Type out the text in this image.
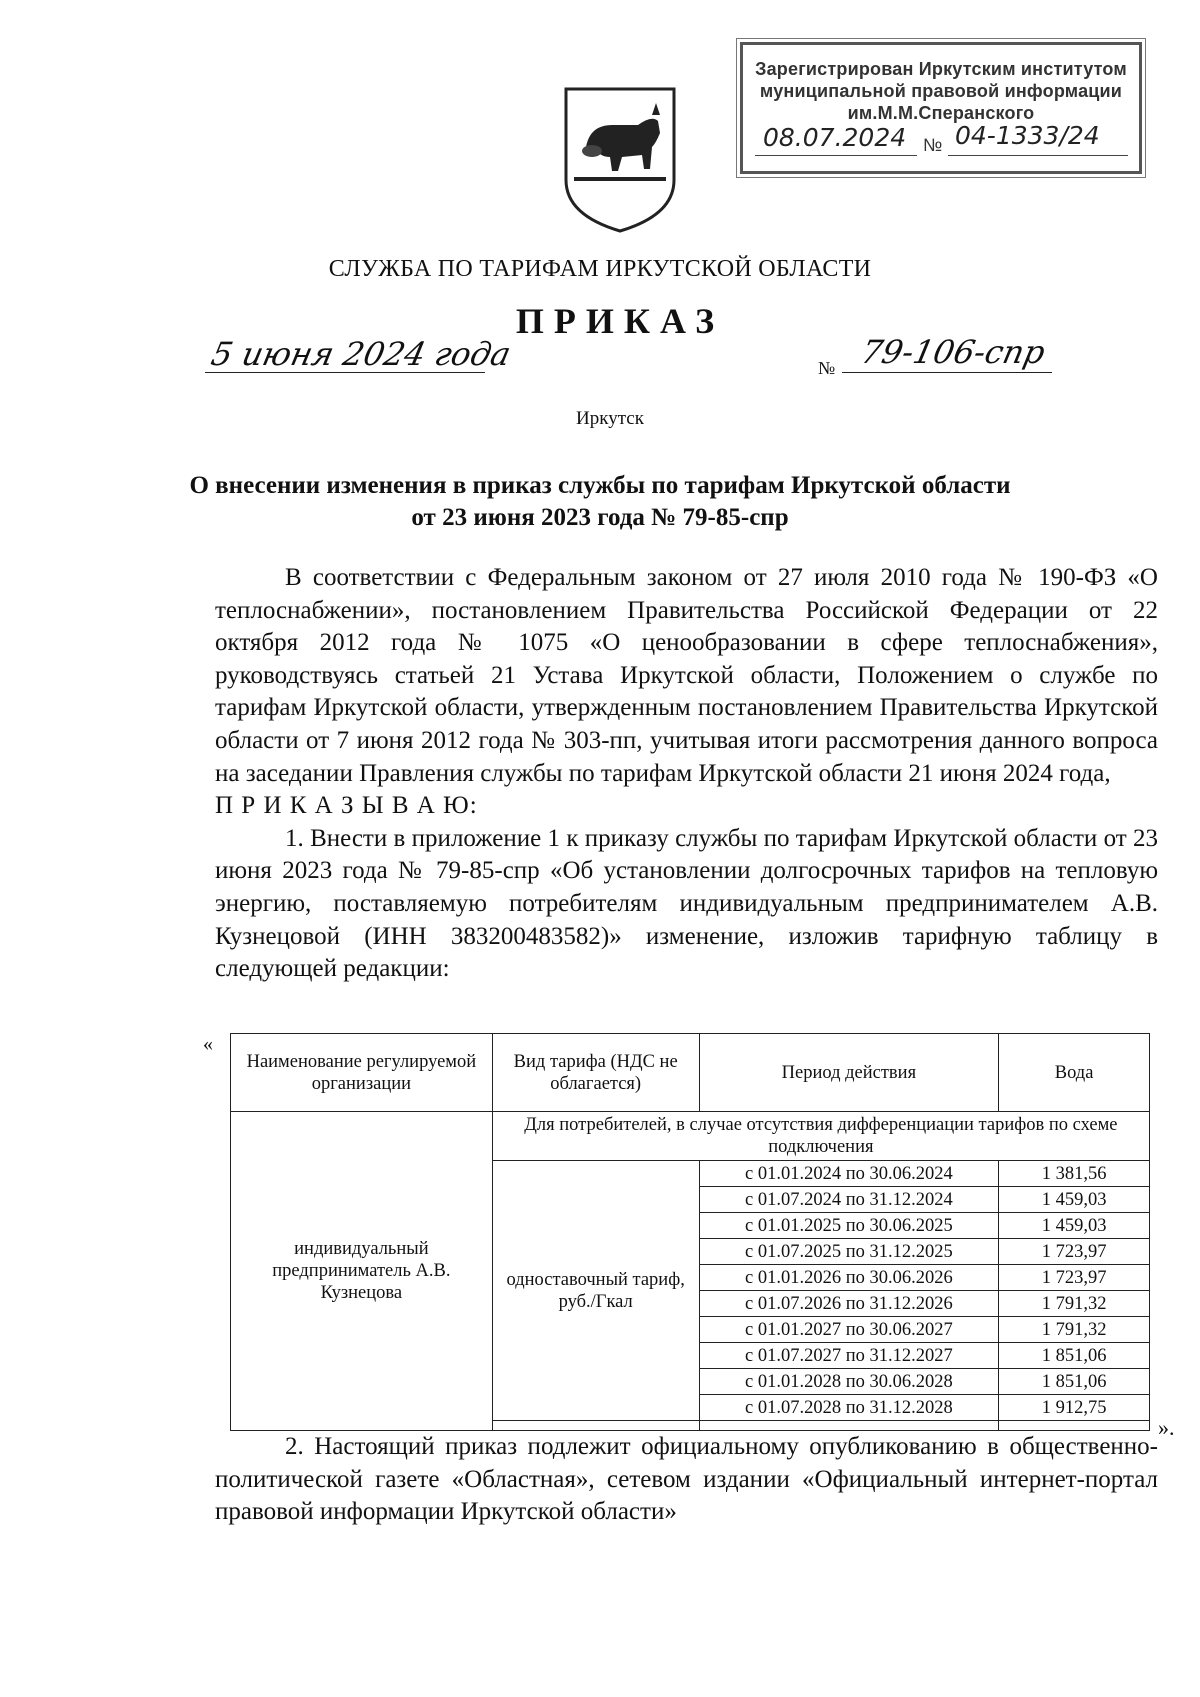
Зарегистрирован Иркутским институтом
муниципальной правовой информации
им.М.М.Сперанского
08.07.2024 № 04-1333/24
СЛУЖБА ПО ТАРИФАМ ИРКУТСКОЙ ОБЛАСТИ
ПРИКАЗ
5 июня 2024 года	№ 79-106-спр
Иркутск
О внесении изменения в приказ службы по тарифам Иркутской области
от 23 июня 2023 года № 79-85-спр

В соответствии с Федеральным законом от 27 июля 2010 года № 190-ФЗ «О теплоснабжении», постановлением Правительства Российской Федерации от 22 октября 2012 года № 1075 «О ценообразовании в сфере теплоснабжения», руководствуясь статьей 21 Устава Иркутской области, Положением о службе по тарифам Иркутской области, утвержденным постановлением Правительства Иркутской области от 7 июня 2012 года № 303-пп, учитывая итоги рассмотрения данного вопроса на заседании Правления службы по тарифам Иркутской области 21 июня 2024 года,

П Р И К А З Ы В А Ю:

1. Внести в приложение 1 к приказу службы по тарифам Иркутской области от 23 июня 2023 года № 79-85-спр «Об установлении долгосрочных тарифов на тепловую энергию, поставляемую потребителям индивидуальным предпринимателем А.В. Кузнецовой (ИНН 383200483582)» изменение, изложив тарифную таблицу в следующей редакции:

«
Наименование регулируемой организации	Вид тарифа (НДС не облагается)	Период действия	Вода
индивидуальный предприниматель А.В. Кузнецова	Для потребителей, в случае отсутствия дифференциации тарифов по схеме подключения		
	одноставочный тариф, руб./Гкал	с 01.01.2024 по 30.06.2024	1 381,56
		с 01.07.2024 по 31.12.2024	1 459,03
		с 01.01.2025 по 30.06.2025	1 459,03
		с 01.07.2025 по 31.12.2025	1 723,97
		с 01.01.2026 по 30.06.2026	1 723,97
		с 01.07.2026 по 31.12.2026	1 791,32
		с 01.01.2027 по 30.06.2027	1 791,32
		с 01.07.2027 по 31.12.2027	1 851,06
		с 01.01.2028 по 30.06.2028	1 851,06
		с 01.07.2028 по 31.12.2028	1 912,75

».

2. Настоящий приказ подлежит официальному опубликованию в общественно-политической газете «Областная», сетевом издании «Официальный интернет-портал правовой информации Иркутской области»
